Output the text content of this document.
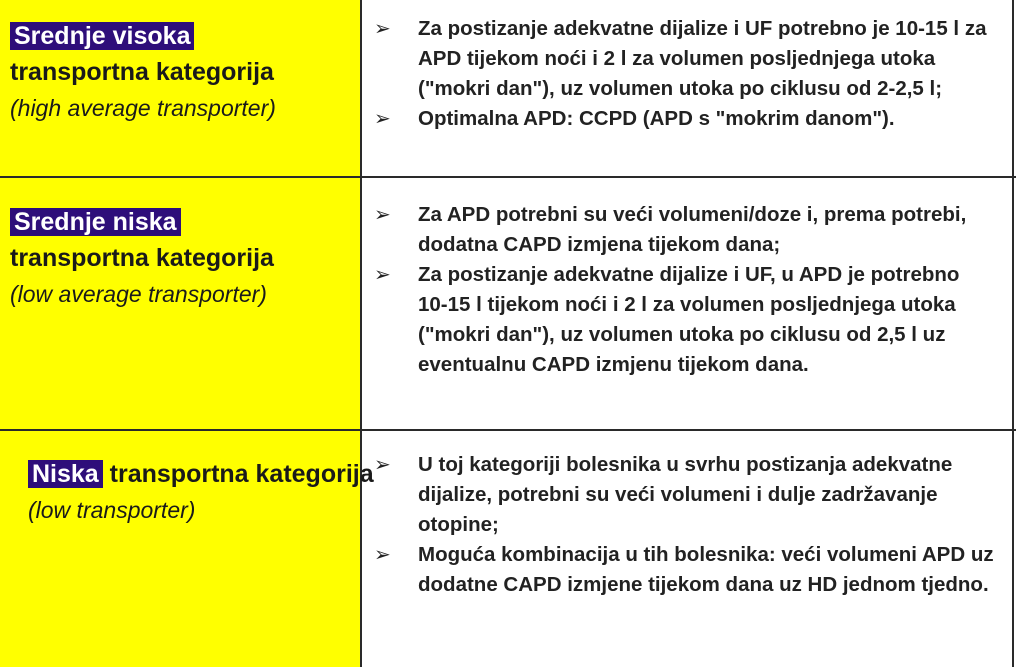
Srednje visoka
transportna kategorija
(high average transporter)
➢ Za postizanje adekvatne dijalize i UF potrebno je 10-15 l za APD tijekom noći i 2 l za volumen posljednjega utoka ("mokri dan"), uz volumen utoka po ciklusu od 2-2,5 l;
➢ Optimalna APD: CCPD (APD s "mokrim danom").
Srednje niska
transportna kategorija
(low average transporter)
➢ Za APD potrebni su veći volumeni/doze i, prema potrebi, dodatna CAPD izmjena tijekom dana;
➢ Za postizanje adekvatne dijalize i UF, u APD je potrebno 10-15 l tijekom noći i 2 l za volumen posljednjega utoka ("mokri dan"), uz volumen utoka po ciklusu od 2,5 l uz eventualnu CAPD izmjenu tijekom dana.
Niska transportna kategorija
(low transporter)
➢ U toj kategoriji bolesnika u svrhu postizanja adekvatne dijalize, potrebni su veći volumeni i dulje zadržavanje otopine;
➢ Moguća kombinacija u tih bolesnika: veći volumeni APD uz dodatne CAPD izmjene tijekom dana uz HD jednom tjedno.
